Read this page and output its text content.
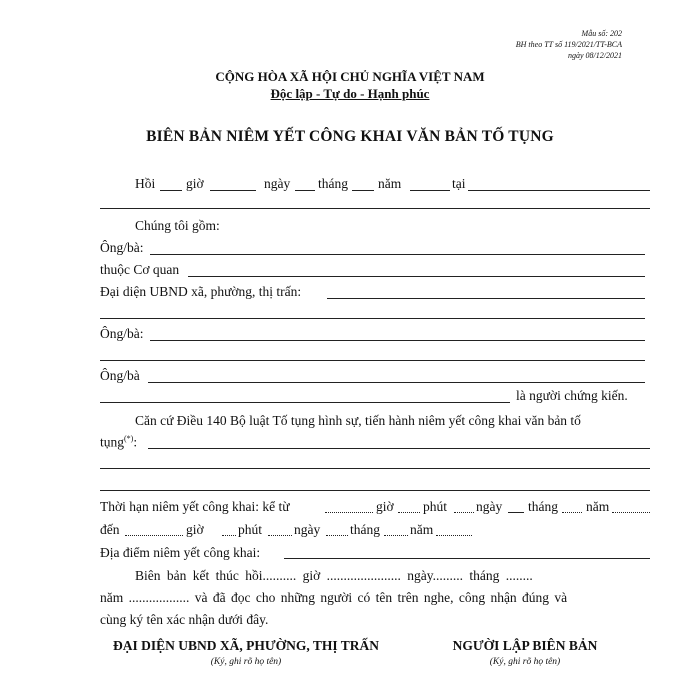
Mẫu số: 202
BH theo TT số 119/2021/TT-BCA
ngày 08/12/2021
CỘNG HÒA XÃ HỘI CHỦ NGHĨA VIỆT NAM
Độc lập - Tự do - Hạnh phúc
BIÊN BẢN NIÊM YẾT CÔNG KHAI VĂN BẢN TỐ TỤNG
Hồi giờ	ngày tháng năm	tại
Chúng tôi gồm:
Ông/bà:
thuộc Cơ quan
Đại diện UBND xã, phường, thị trấn:
Ông/bà:
Ông/bà
là người chứng kiến.
Căn cứ Điều 140 Bộ luật Tố tụng hình sự, tiến hành niêm yết công khai văn bản tố
tụng(*):
Thời hạn niêm yết công khai: kể từ	giờ phút ngày tháng năm
đến	giờ	phút ngày tháng năm
Địa điểm niêm yết công khai:
Biên bản kết thúc hồi.......... giờ ...................... ngày......... tháng ........
năm .................. và đã đọc cho những người có tên trên nghe, công nhận đúng và
cùng ký tên xác nhận dưới đây.
ĐẠI DIỆN UBND XÃ, PHƯỜNG, THỊ TRẤN
(Ký, ghi rõ họ tên)
NGƯỜI LẬP BIÊN BẢN
(Ký, ghi rõ họ tên)
